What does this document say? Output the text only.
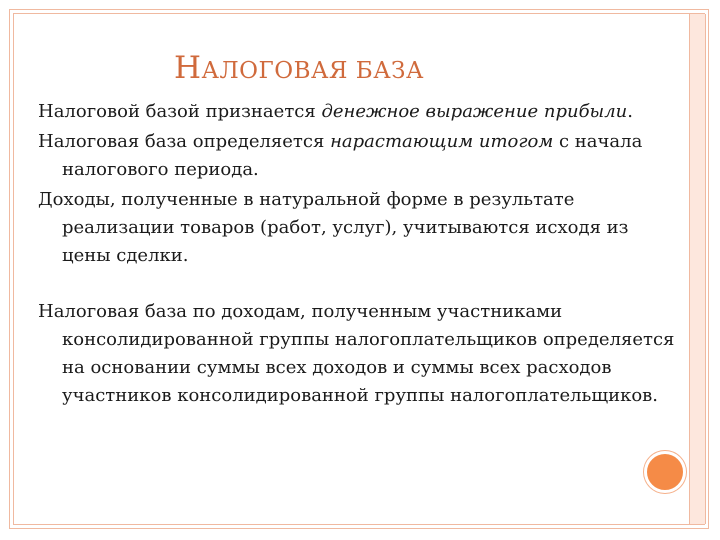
НАЛОГОВАЯ БАЗА

Налоговой базой признается денежное выражение прибыли.

Налоговая база определяется нарастающим итогом с начала налогового периода.

Доходы, полученные в натуральной форме в результате реализации товаров (работ, услуг), учитываются исходя из цены сделки.

Налоговая база по доходам, полученным участниками консолидированной группы налогоплательщиков определяется на основании суммы всех доходов и суммы всех расходов участников консолидированной группы налогоплательщиков.
